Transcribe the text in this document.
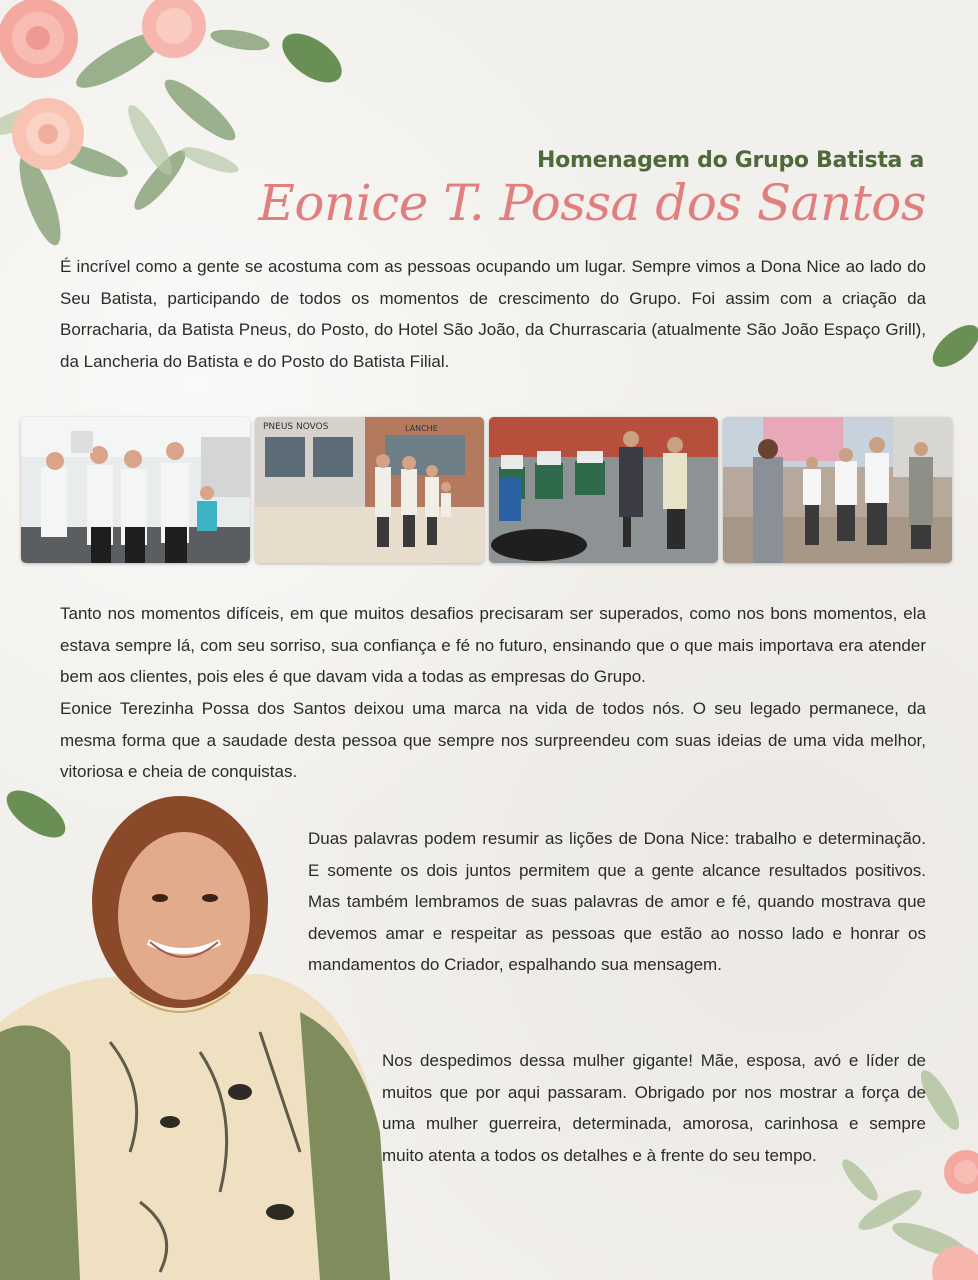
Homenagem do Grupo Batista a
Eonice T. Possa dos Santos

É incrível como a gente se acostuma com as pessoas ocupando um lugar. Sempre vimos a Dona Nice ao lado do Seu Batista, participando de todos os momentos de crescimento do Grupo. Foi assim com a criação da Borracharia, da Batista Pneus, do Posto, do Hotel São João, da Churrascaria (atualmente São João Espaço Grill), da Lancheria do Batista e do Posto do Batista Filial.

PNEUS NOVOS	LANCHE

Tanto nos momentos difíceis, em que muitos desafios precisaram ser superados, como nos bons momentos, ela estava sempre lá, com seu sorriso, sua confiança e fé no futuro, ensinando que o que mais importava era atender bem aos clientes, pois eles é que davam vida a todas as empresas do Grupo.

Eonice Terezinha Possa dos Santos deixou uma marca na vida de todos nós. O seu legado permanece, da mesma forma que a saudade desta pessoa que sempre nos surpreendeu com suas ideias de uma vida melhor, vitoriosa e cheia de conquistas.

Duas palavras podem resumir as lições de Dona Nice: trabalho e determinação. E somente os dois juntos permitem que a gente alcance resultados positivos. Mas também lembramos de suas palavras de amor e fé, quando mostrava que devemos amar e respeitar as pessoas que estão ao nosso lado e honrar os mandamentos do Criador, espalhando sua mensagem.

Nos despedimos dessa mulher gigante! Mãe, esposa, avó e líder de muitos que por aqui passaram. Obrigado por nos mostrar a força de uma mulher guerreira, determinada, amorosa, carinhosa e sempre muito atenta a todos os detalhes e à frente do seu tempo.
